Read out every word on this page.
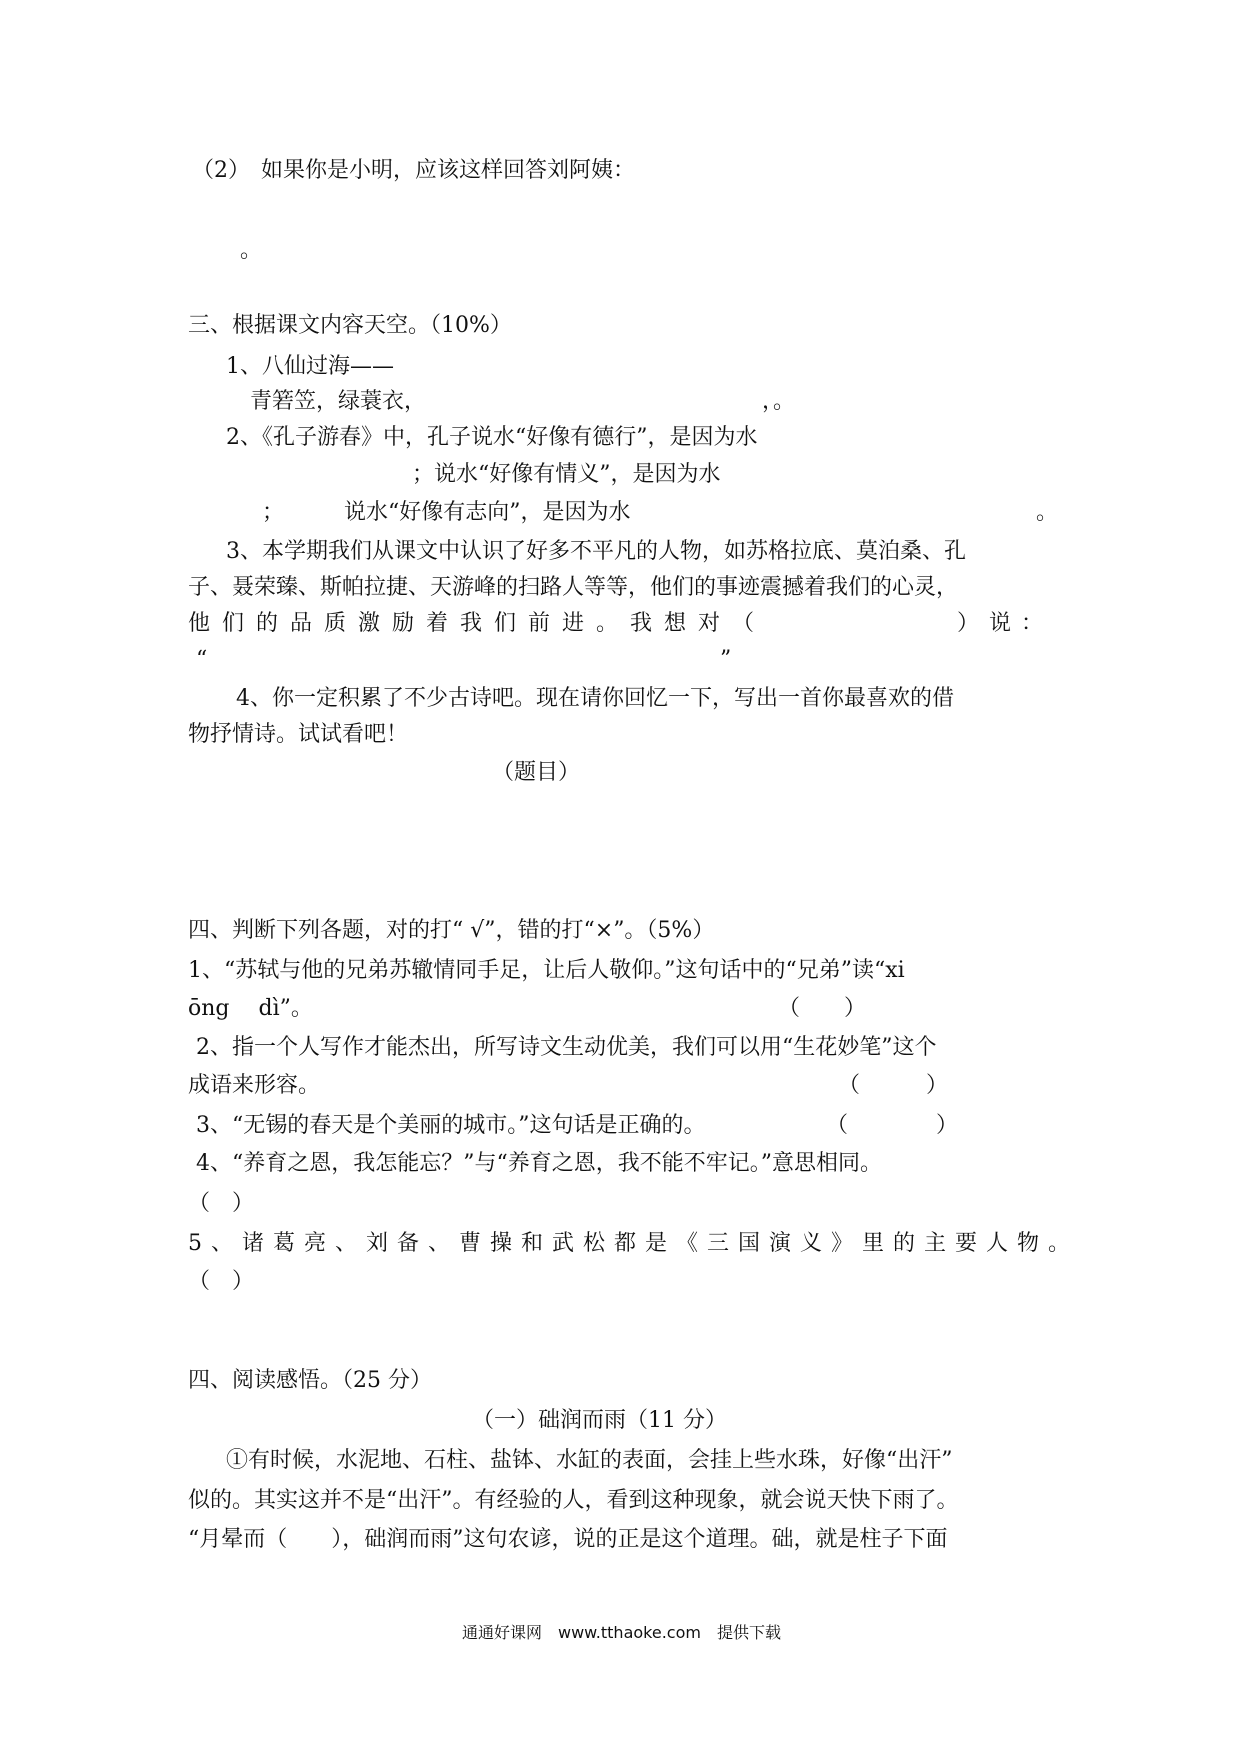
（2）　如果你是小明，应该这样回答刘阿姨：
。
三、根据课文内容天空。（10%）
1、八仙过海——
青箬笠，绿蓑衣，	，。
2、《孔子游春》中，孔子说水“好像有德行”，是因为水
；说水“好像有情义”，是因为水
；	说水“好像有志向”，是因为水	。
3、本学期我们从课文中认识了好多不平凡的人物，如苏格拉底、莫泊桑、孔
子、聂荣臻、斯帕拉捷、天游峰的扫路人等等，他们的事迹震撼着我们的心灵，
他们的品质激励着我们前进。我想对（	）说：
“	”
4、你一定积累了不少古诗吧。现在请你回忆一下，写出一首你最喜欢的借
物抒情诗。试试看吧！
（题目）
四、判断下列各题，对的打“ √”，错的打“×”。（5%）
1、“苏轼与他的兄弟苏辙情同手足，让后人敬仰。”这句话中的“兄弟”读“xi
ōng　 dì”。	（　　）
2、指一个人写作才能杰出，所写诗文生动优美，我们可以用“生花妙笔”这个
成语来形容。	（　　　）
3、“无锡的春天是个美丽的城市。”这句话是正确的。	（　　　　）
4、“养育之恩，我怎能忘？”与“养育之恩，我不能不牢记。”意思相同。
（　）
5、诸葛亮、刘备、曹操和武松都是《三国演义》里的主要人物。
（　）
四、阅读感悟。（25 分）
（一）础润而雨（11 分）
①有时候，水泥地、石柱、盐钵、水缸的表面，会挂上些水珠，好像“出汗”
似的。其实这并不是“出汗”。有经验的人，看到这种现象，就会说天快下雨了。
“月晕而（　　），础润而雨”这句农谚，说的正是这个道理。础，就是柱子下面
通通好课网　www.tthaoke.com　提供下载
